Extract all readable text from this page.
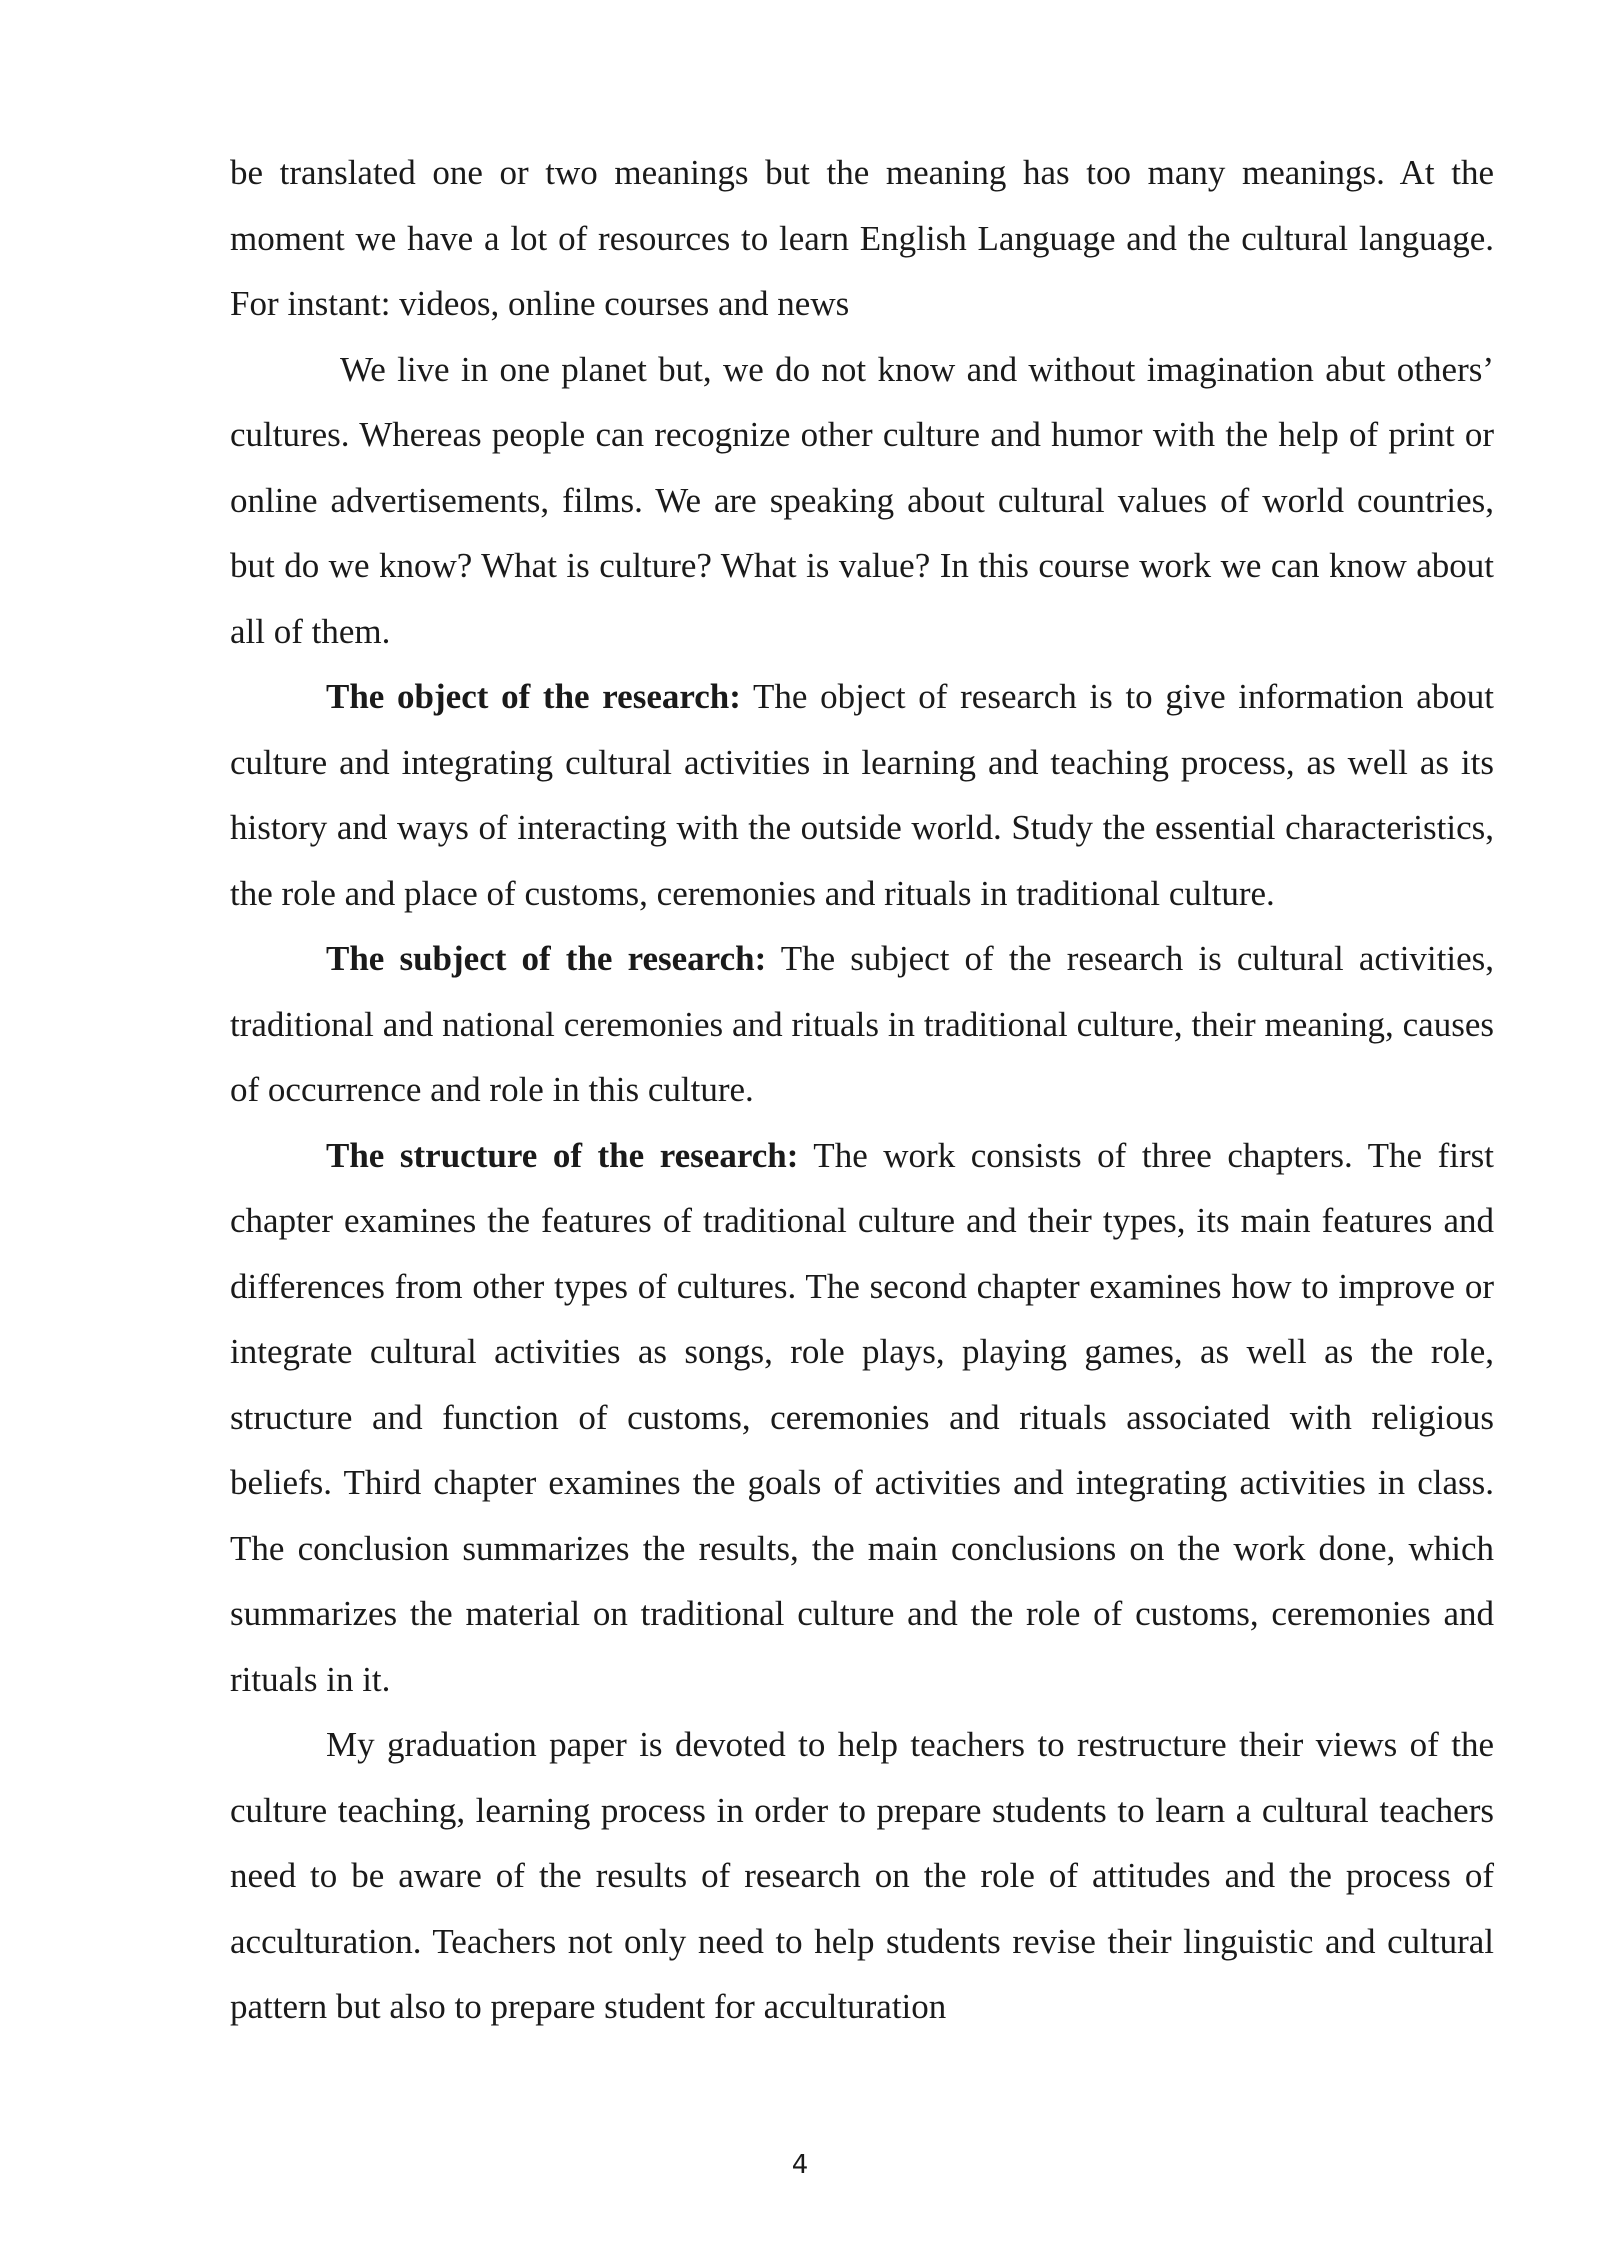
be translated one or two meanings but the meaning has too many meanings. At the moment we have a lot of resources to learn English Language and the cultural language. For instant: videos, online courses and news

We live in one planet but, we do not know and without imagination abut others’ cultures. Whereas people can recognize other culture and humor with the help of print or online advertisements, films. We are speaking about cultural values of world countries, but do we know? What is culture? What is value? In this course work we can know about all of them.

The object of the research: The object of research is to give information about culture and integrating cultural activities in learning and teaching process, as well as its history and ways of interacting with the outside world. Study the essential characteristics, the role and place of customs, ceremonies and rituals in traditional culture.

The subject of the research: The subject of the research is cultural activities, traditional and national ceremonies and rituals in traditional culture, their meaning, causes of occurrence and role in this culture.

The structure of the research: The work consists of three chapters. The first chapter examines the features of traditional culture and their types, its main features and differences from other types of cultures. The second chapter examines how to improve or integrate cultural activities as songs, role plays, playing games, as well as the role, structure and function of customs, ceremonies and rituals associated with religious beliefs. Third chapter examines the goals of activities and integrating activities in class. The conclusion summarizes the results, the main conclusions on the work done, which summarizes the material on traditional culture and the role of customs, ceremonies and rituals in it.

My graduation paper is devoted to help teachers to restructure their views of the culture teaching, learning process in order to prepare students to learn a cultural teachers need to be aware of the results of research on the role of attitudes and the process of acculturation. Teachers not only need to help students revise their linguistic and cultural pattern but also to prepare student for acculturation

4
